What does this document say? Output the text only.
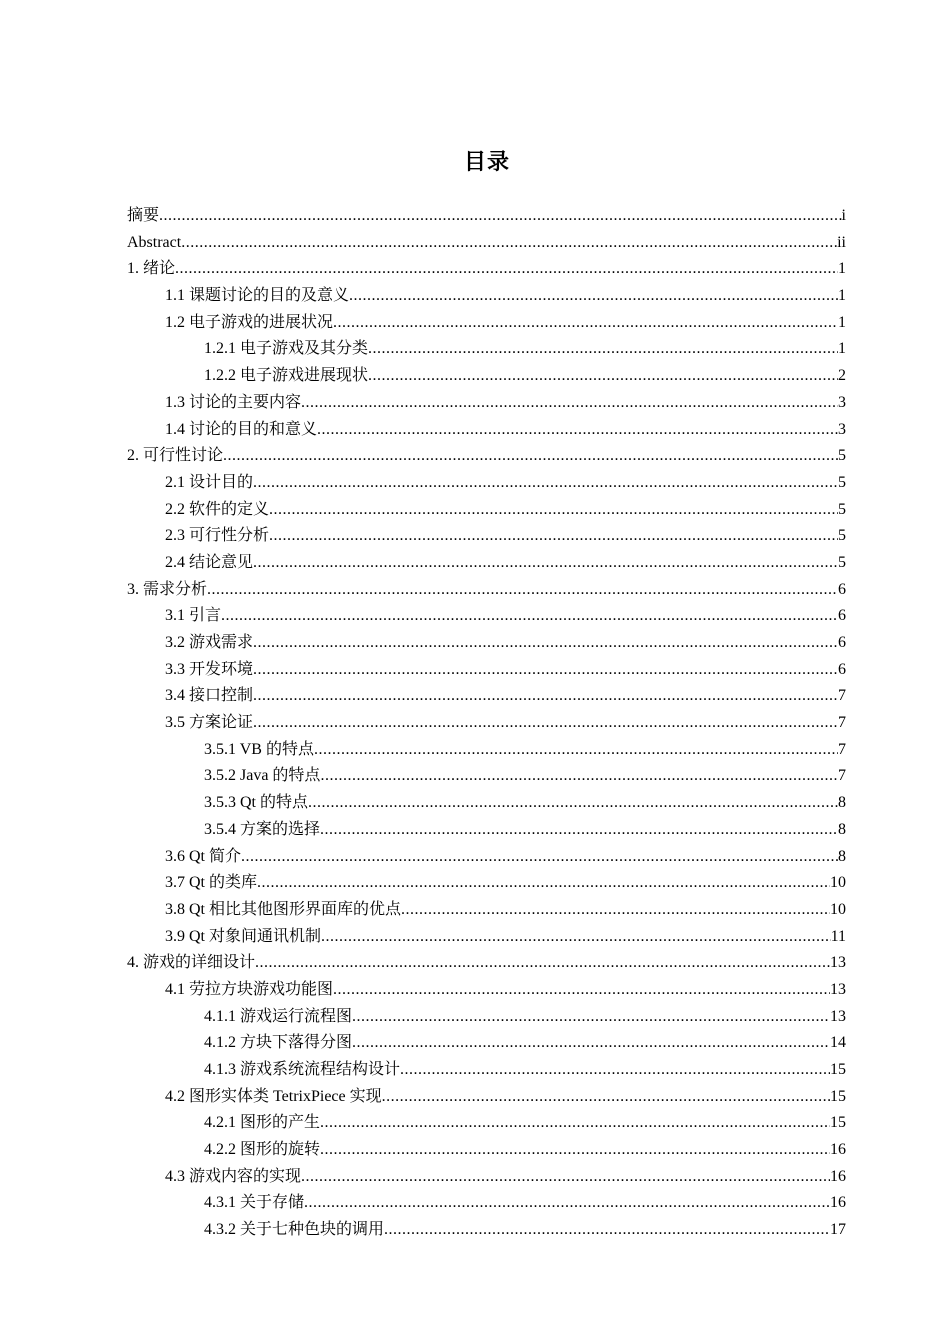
目录
摘要 .....	i
Abstract .....	ii
1. 绪论 .....	1
1.1 课题讨论的目的及意义 .....	1
1.2 电子游戏的进展状况 .....	1
1.2.1 电子游戏及其分类 .....	1
1.2.2 电子游戏进展现状 .....	2
1.3 讨论的主要内容 .....	3
1.4 讨论的目的和意义 .....	3
2. 可行性讨论 .....	5
2.1 设计目的 .....	5
2.2 软件的定义 .....	5
2.3 可行性分析 .....	5
2.4 结论意见 .....	5
3. 需求分析 .....	6
3.1 引言 .....	6
3.2 游戏需求 .....	6
3.3 开发环境 .....	6
3.4 接口控制 .....	7
3.5 方案论证 .....	7
3.5.1 VB 的特点 .....	7
3.5.2 Java 的特点 .....	7
3.5.3 Qt 的特点 .....	8
3.5.4 方案的选择 .....	8
3.6 Qt 简介 .....	8
3.7 Qt 的类库 .....	10
3.8 Qt 相比其他图形界面库的优点 .....	10
3.9 Qt 对象间通讯机制 .....	11
4. 游戏的详细设计 .....	13
4.1 劳拉方块游戏功能图 .....	13
4.1.1 游戏运行流程图 .....	13
4.1.2 方块下落得分图 .....	14
4.1.3 游戏系统流程结构设计 .....	15
4.2 图形实体类 TetrixPiece 实现 .....	15
4.2.1 图形的产生 .....	15
4.2.2 图形的旋转 .....	16
4.3 游戏内容的实现 .....	16
4.3.1 关于存储 .....	16
4.3.2 关于七种色块的调用 .....	17
